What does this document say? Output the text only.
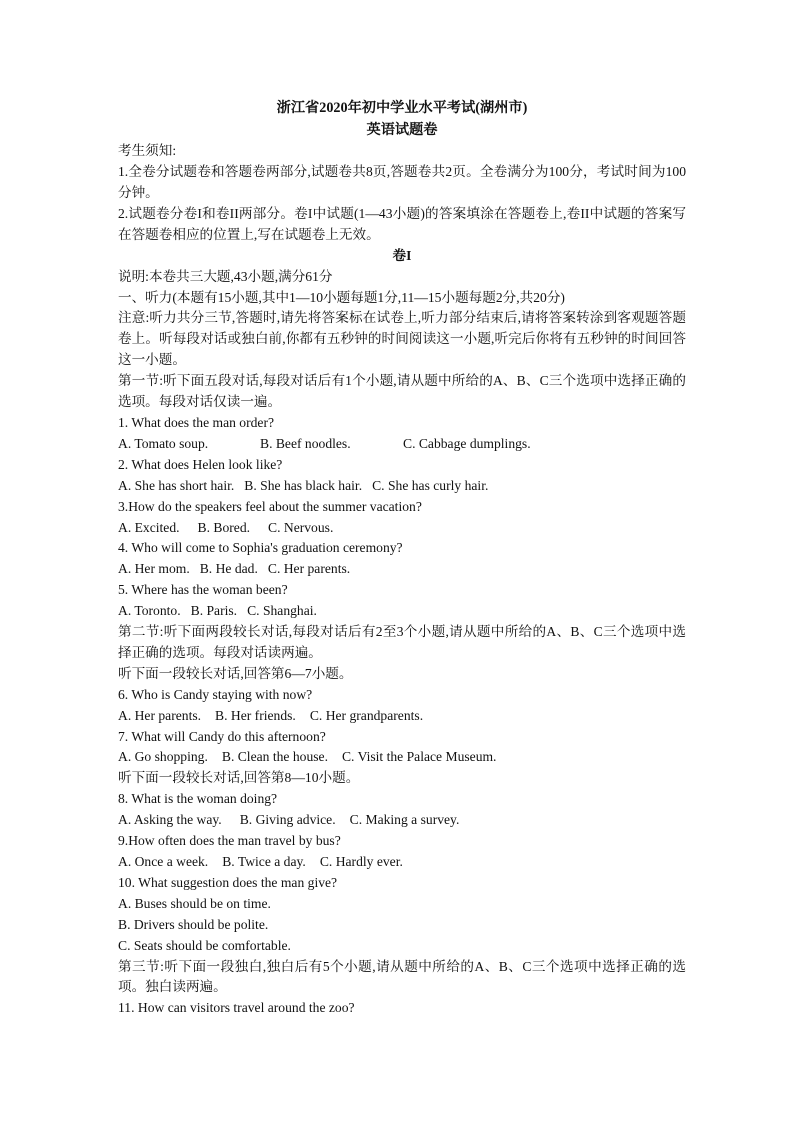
浙江省2020年初中学业水平考试(湖州市)
英语试题卷
考生须知:
1.全卷分试题卷和答题卷两部分,试题卷共8页,答题卷共2页。全卷满分为100分，考试时间为100分钟。
2.试题卷分卷I和卷II两部分。卷I中试题(1—43小题)的答案填涂在答题卷上,卷II中试题的答案写在答题卷相应的位置上,写在试题卷上无效。
卷I
说明:本卷共三大题,43小题,满分61分
一、听力(本题有15小题,其中1—10小题每题1分,11—15小题每题2分,共20分)
注意:听力共分三节,答题时,请先将答案标在试卷上,听力部分结束后,请将答案转涂到客观题答题卷上。听每段对话或独白前,你都有五秒钟的时间阅读这一小题,听完后你将有五秒钟的时间回答这一小题。
第一节:听下面五段对话,每段对话后有1个小题,请从题中所给的A、B、C三个选项中选择正确的选项。每段对话仅读一遍。
1. What does the man order?
A. Tomato soup.	B. Beef noodles.	C. Cabbage dumplings.
2. What does Helen look like?
A. She has short hair. B. She has black hair. C. She has curly hair.
3.How do the speakers feel about the summer vacation?
A. Excited. B. Bored. C. Nervous.
4. Who will come to Sophia's graduation ceremony?
A. Her mom. B. He dad. C. Her parents.
5. Where has the woman been?
A. Toronto. B. Paris. C. Shanghai.
第二节:听下面两段较长对话,每段对话后有2至3个小题,请从题中所给的A、B、C三个选项中选择正确的选项。每段对话读两遍。
听下面一段较长对话,回答第6—7小题。
6. Who is Candy staying with now?
A. Her parents. B. Her friends. C. Her grandparents.
7. What will Candy do this afternoon?
A. Go shopping. B. Clean the house. C. Visit the Palace Museum.
听下面一段较长对话,回答第8—10小题。
8. What is the woman doing?
A. Asking the way. B. Giving advice. C. Making a survey.
9.How often does the man travel by bus?
A. Once a week. B. Twice a day. C. Hardly ever.
10. What suggestion does the man give?
A. Buses should be on time.
B. Drivers should be polite.
C. Seats should be comfortable.
第三节:听下面一段独白,独白后有5个小题,请从题中所给的A、B、C三个选项中选择正确的选项。独白读两遍。
11. How can visitors travel around the zoo?
